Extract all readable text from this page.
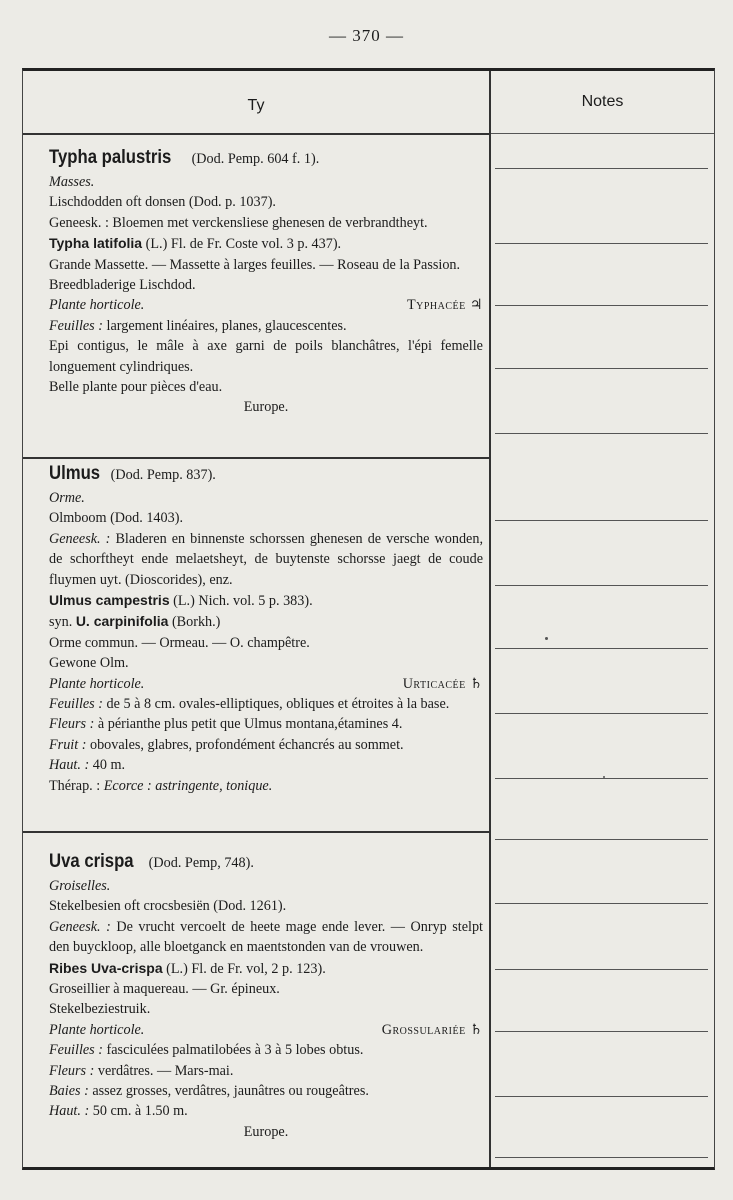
— 370 —
Ty	Notes
Typha palustris (Dod. Pemp. 604 f. 1).
Masses.
Lischdodden oft donsen (Dod. p. 1037).
Geneesk. : Bloemen met verckensliese ghenesen de verbrandtheyt.
Typha latifolia (L.) Fl. de Fr. Coste vol. 3 p. 437).
Grande Massette. — Massette à larges feuilles. — Roseau de la Passion.
Breedbladerige Lischdod.
Plante horticole.	Typhacée ♃
Feuilles : largement linéaires, planes, glaucescentes.
Epi contigus, le mâle à axe garni de poils blanchâtres, l'épi femelle longuement cylindriques.
Belle plante pour pièces d'eau.
Europe.
Ulmus (Dod. Pemp. 837).
Orme.
Olmboom (Dod. 1403).
Geneesk. : Bladeren en binnenste schorssen ghenesen de versche wonden, de schorftheyt ende melaetsheyt, de buytenste schorsse jaegt de coude fluymen uyt. (Dioscorides), enz.
Ulmus campestris (L.) Nich. vol. 5 p. 383).
syn. U. carpinifolia (Borkh.)
Orme commun. — Ormeau. — O. champêtre.
Gewone Olm.
Plante horticole.	Urticacée ♄
Feuilles : de 5 à 8 cm. ovales-elliptiques, obliques et étroites à la base.
Fleurs : à périanthe plus petit que Ulmus montana,étamines 4.
Fruit : obovales, glabres, profondément échancrés au sommet.
Haut. : 40 m.
Thérap. : Ecorce : astringente, tonique.
Uva crispa (Dod. Pemp, 748).
Groiselles.
Stekelbesien oft crocsbesiën (Dod. 1261).
Geneesk. : De vrucht vercoelt de heete mage ende lever. — Onryp stelpt den buyckloop, alle bloetganck en maentstonden van de vrouwen.
Ribes Uva-crispa (L.) Fl. de Fr. vol, 2 p. 123).
Groseillier à maquereau. — Gr. épineux.
Stekelbeziestruik.
Plante horticole.	Grossulariée ♄
Feuilles : fasciculées palmatilobées à 3 à 5 lobes obtus.
Fleurs : verdâtres. — Mars-mai.
Baies : assez grosses, verdâtres, jaunâtres ou rougeâtres.
Haut. : 50 cm. à 1.50 m.
Europe.
